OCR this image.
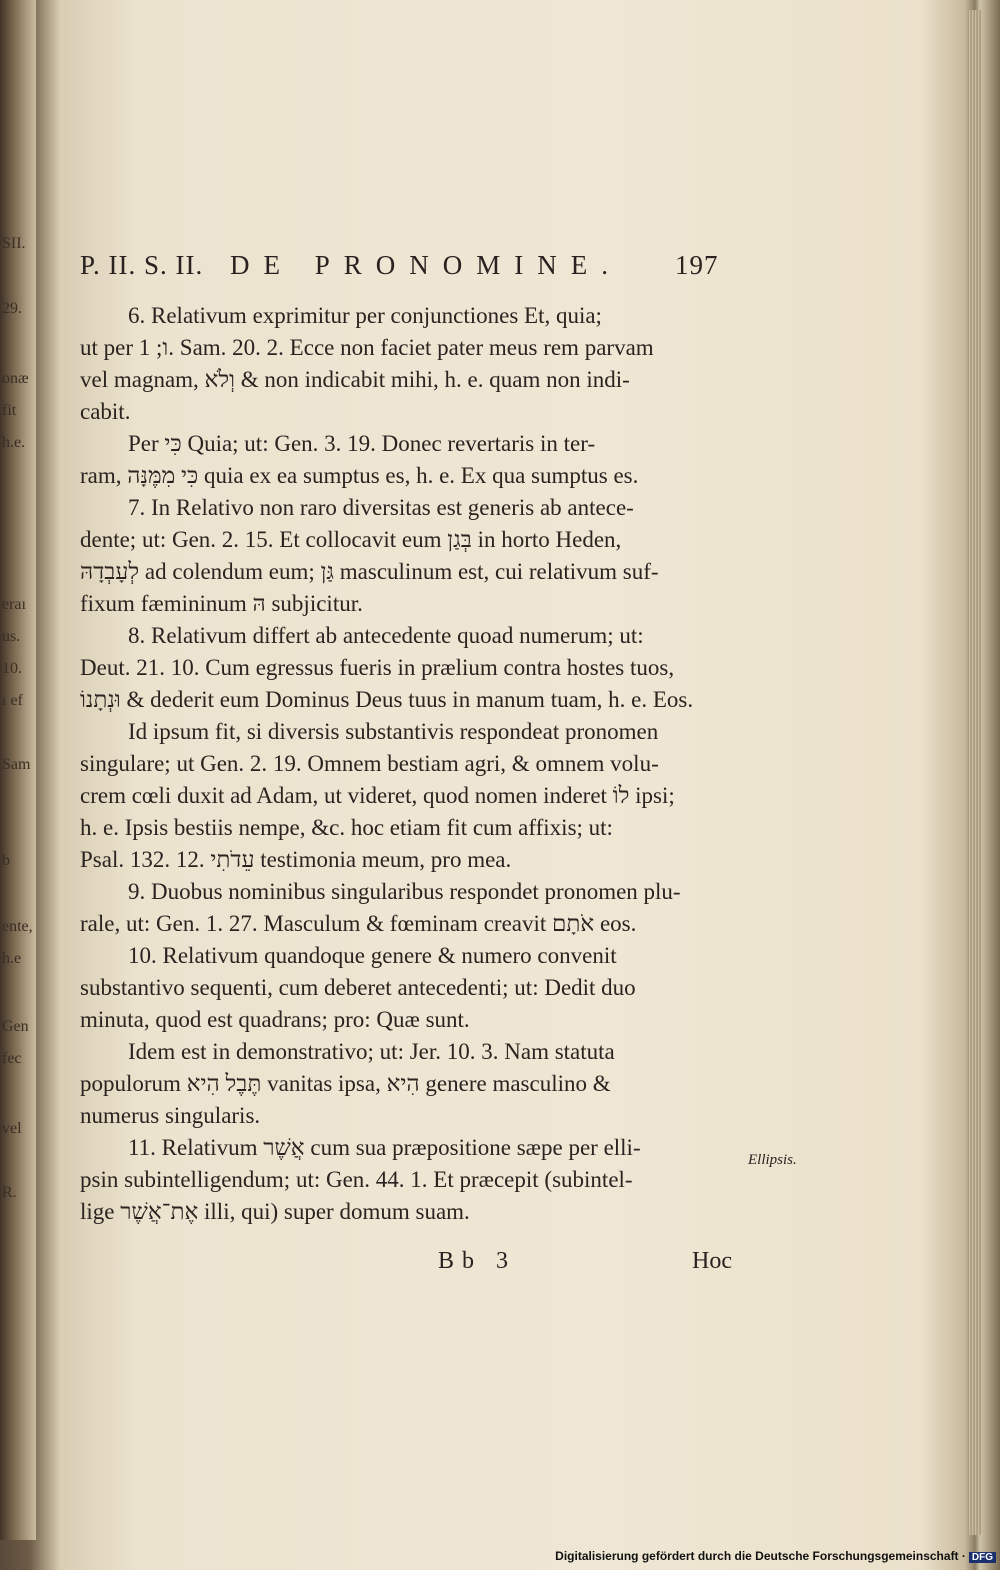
SII.
29.
onæ
fit
h.e.
eraı
us.
10.
ı ef
Sam
b
ente,
h.e
Gen
fec
vel
R.
P. II. S. II. DE PRONOMINE. 197

6. Relativum exprimitur per conjunctiones Et, quia;

ut per ו; 1. Sam. 20. 2. Ecce non faciet pater meus rem parvam

vel magnam, וְלֹא & non indicabit mihi, h. e. quam non indi-

cabit.

Per כִּי Quia; ut: Gen. 3. 19. Donec revertaris in ter-

ram, כִּי מִמֶּנָּה quia ex ea sumptus es, h. e. Ex qua sumptus es.

7. In Relativo non raro diversitas est generis ab antece-

dente; ut: Gen. 2. 15. Et collocavit eum בְּגַן in horto Heden,

לְעָבְדָהּ ad colendum eum; גַּן masculinum est, cui relativum suf-

fixum fæmininum הּ subjicitur.

8. Relativum differt ab antecedente quoad numerum; ut:

Deut. 21. 10. Cum egressus fueris in prælium contra hostes tuos,

וּנְתָנוֹ & dederit eum Dominus Deus tuus in manum tuam, h. e. Eos.

Id ipsum fit, si diversis substantivis respondeat pronomen

singulare; ut Gen. 2. 19. Omnem bestiam agri, & omnem volu-

crem cœli duxit ad Adam, ut videret, quod nomen inderet לוֹ ipsi;

h. e. Ipsis bestiis nempe, &c. hoc etiam fit cum affixis; ut:

Psal. 132. 12. עֵדֹתִי testimonia meum, pro mea.

9. Duobus nominibus singularibus respondet pronomen plu-

rale, ut: Gen. 1. 27. Masculum & fœminam creavit אֹתָם eos.

10. Relativum quandoque genere & numero convenit

substantivo sequenti, cum deberet antecedenti; ut: Dedit duo

minuta, quod est quadrans; pro: Quæ sunt.

Idem est in demonstrativo; ut: Jer. 10. 3. Nam statuta

populorum תֶּבֶל הִיא vanitas ipsa, הִיא genere masculino &

numerus singularis.

11. Relativum אֲשֶׁר cum sua præpositione sæpe per elli-

psin subintelligendum; ut: Gen. 44. 1. Et præcepit (subintel-

lige אֶת־אֲשֶׁר illi, qui) super domum suam.

Ellipsis.
Bb 3	Hoc
Digitalisierung gefördert durch die Deutsche Forschungsgemeinschaft · DFG
